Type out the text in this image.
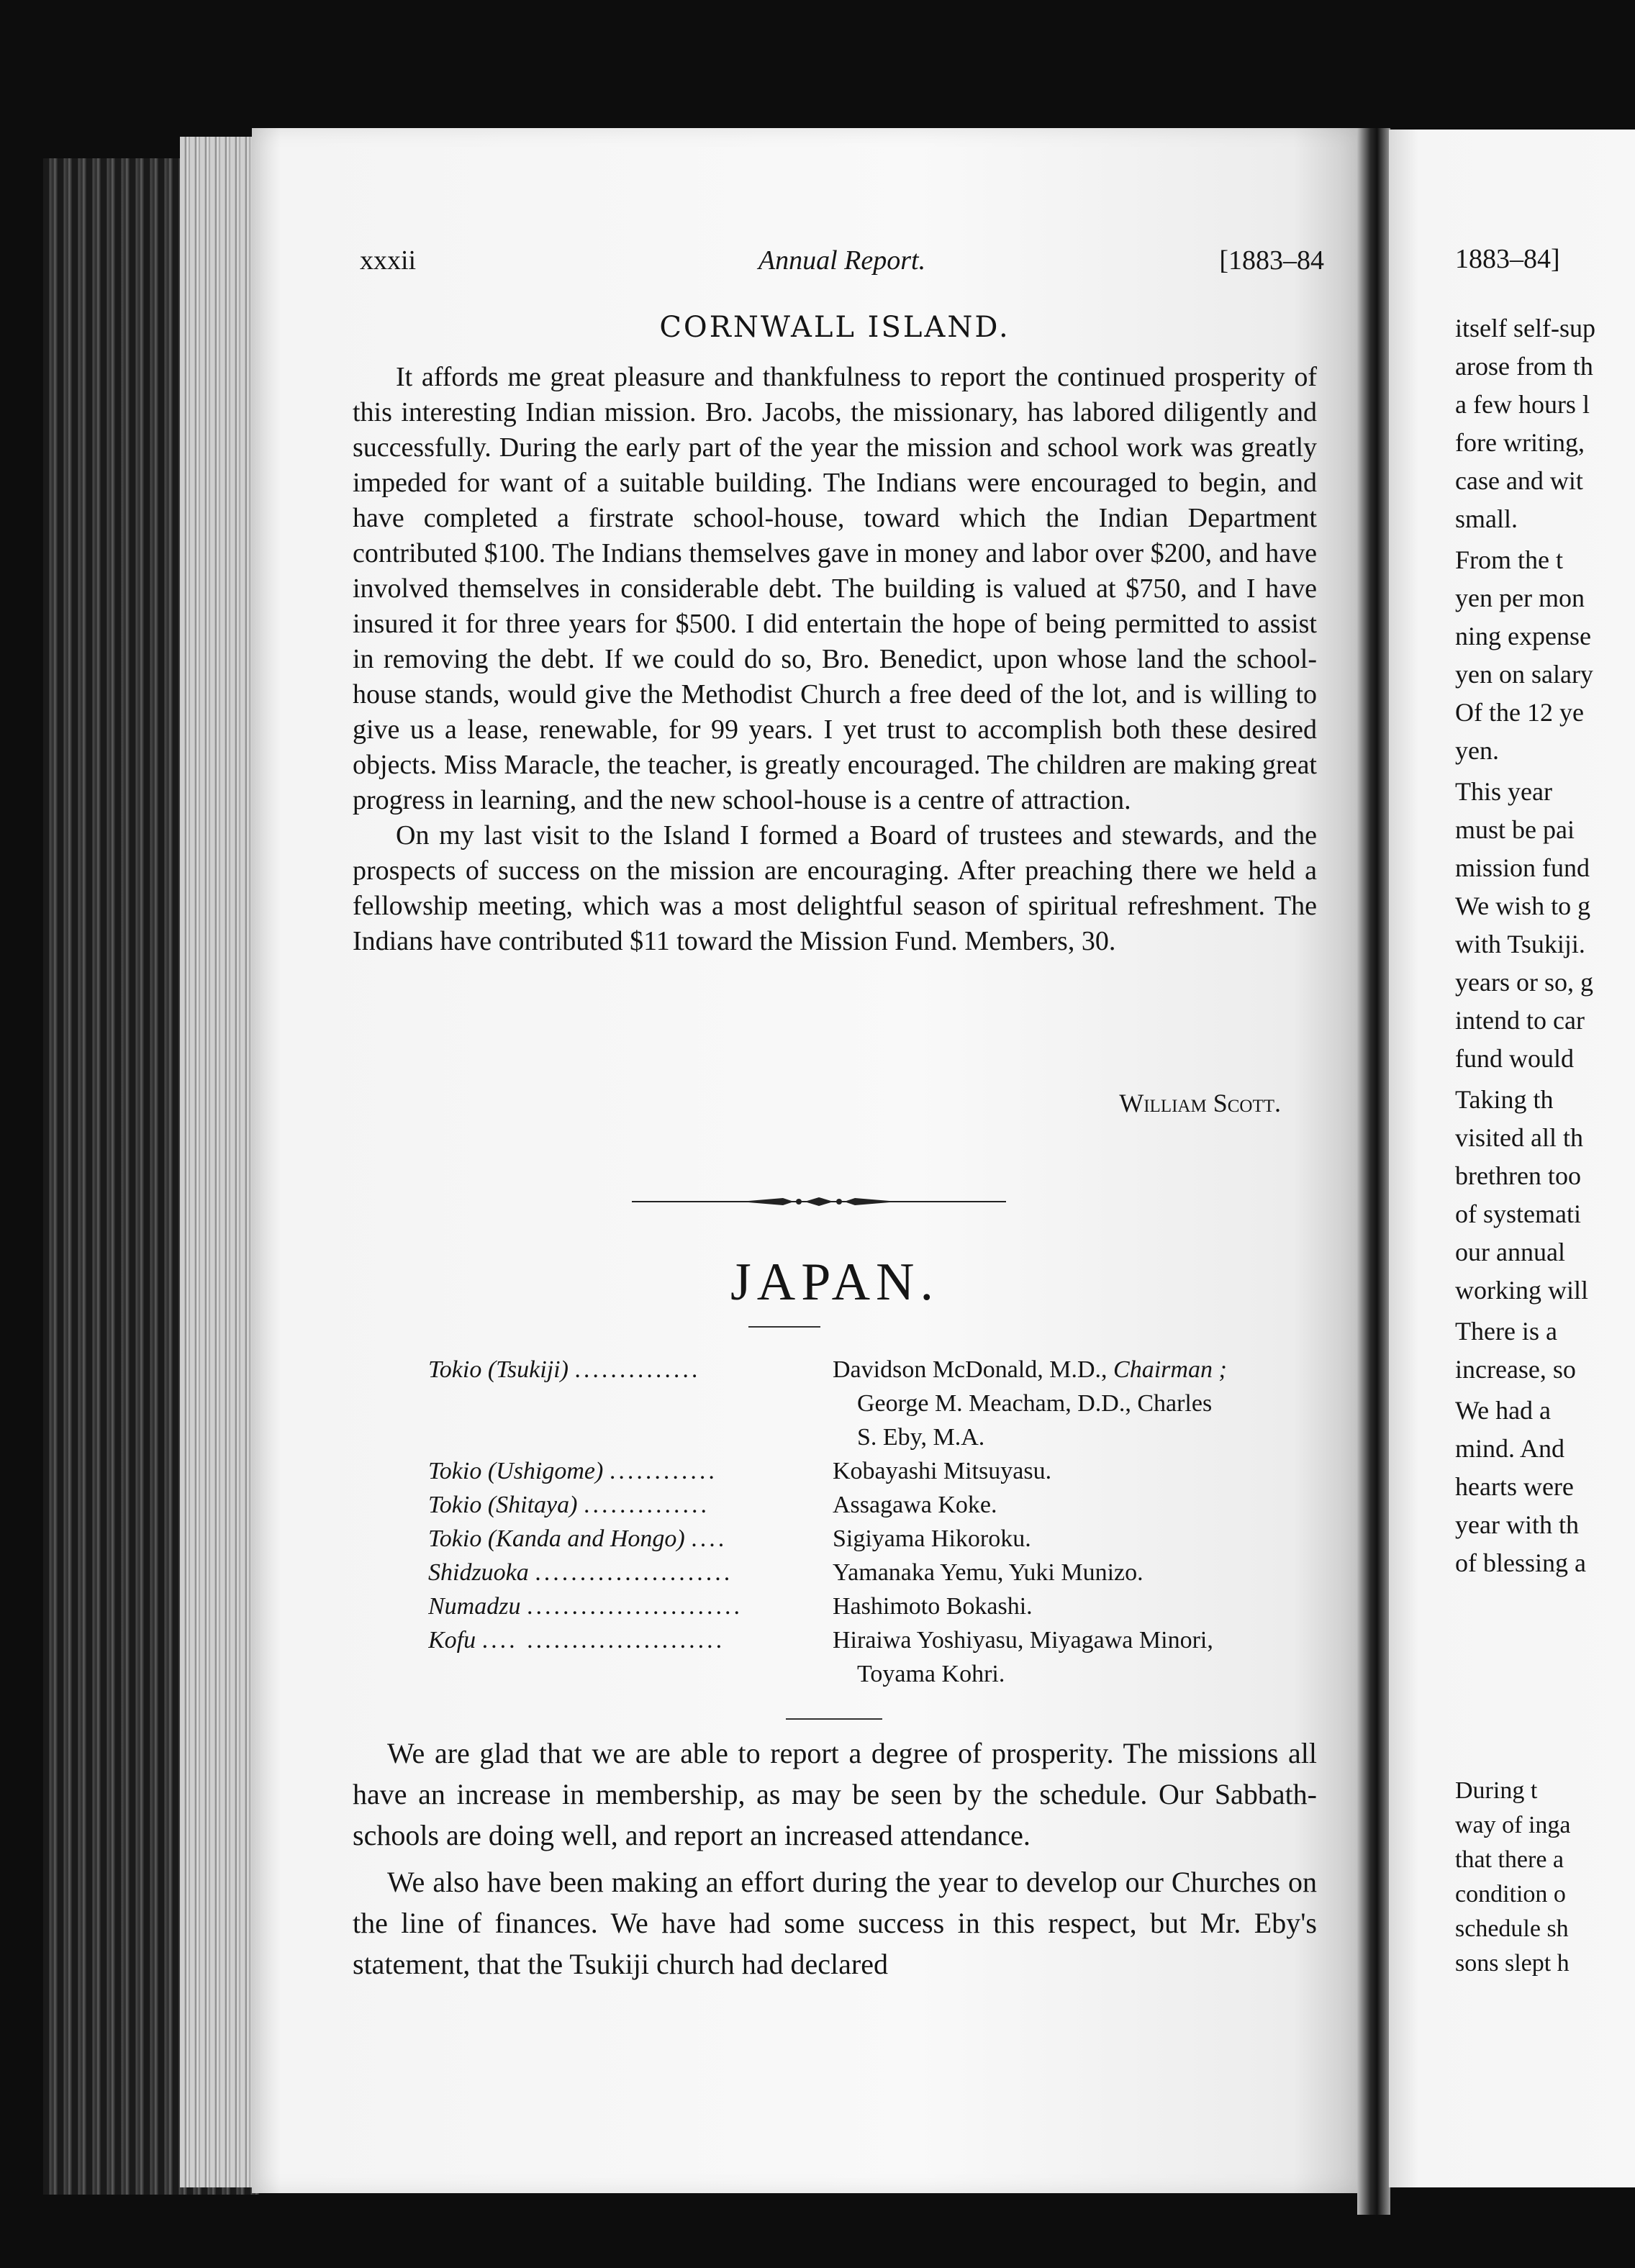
xxxii	Annual Report.	[1883–84
CORNWALL ISLAND.

It affords me great pleasure and thankfulness to report the continued prosperity of this interesting Indian mission. Bro. Jacobs, the missionary, has labored diligently and successfully. During the early part of the year the mission and school work was greatly impeded for want of a suitable building. The Indians were encouraged to begin, and have completed a firstrate school-house, toward which the Indian Department contributed $100. The Indians themselves gave in money and labor over $200, and have involved themselves in considerable debt. The building is valued at $750, and I have insured it for three years for $500. I did entertain the hope of being permitted to assist in removing the debt. If we could do so, Bro. Benedict, upon whose land the school-house stands, would give the Methodist Church a free deed of the lot, and is willing to give us a lease, renewable, for 99 years. I yet trust to accomplish both these desired objects. Miss Maracle, the teacher, is greatly encouraged. The children are making great progress in learning, and the new school-house is a centre of attraction.

On my last visit to the Island I formed a Board of trustees and stewards, and the prospects of success on the mission are encouraging. After preaching there we held a fellowship meeting, which was a most delightful season of spiritual refreshment. The Indians have contributed $11 toward the Mission Fund. Members, 30.

William Scott.
JAPAN.
Tokio (Tsukiji) ..............	Davidson McDonald, M.D., Chairman ;
George M. Meacham, D.D., Charles
S. Eby, M.A.
Tokio (Ushigome) ............	Kobayashi Mitsuyasu.
Tokio (Shitaya) ..............	Assagawa Koke.
Tokio (Kanda and Hongo) ....	Sigiyama Hikoroku.
Shidzuoka ......................	Yamanaka Yemu, Yuki Munizo.
Numadzu ........................	Hashimoto Bokashi.
Kofu .... ......................	Hiraiwa Yoshiyasu, Miyagawa Minori,
Toyama Kohri.

We are glad that we are able to report a degree of prosperity. The missions all have an increase in membership, as may be seen by the schedule. Our Sabbath-schools are doing well, and report an increased attendance.

We also have been making an effort during the year to develop our Churches on the line of finances. We have had some success in this respect, but Mr. Eby's statement, that the Tsukiji church had declared

1883–84]
itself self-sup
arose from th
a few hours l
fore writing,
case and wit
small.
From the t
yen per mon
ning expense
yen on salary
Of the 12 ye
yen.
This year
must be pai
mission fund
We wish to g
with Tsukiji.
years or so, g
intend to car
fund would
Taking th
visited all th
brethren too
of systemati
our annual
working will
There is a
increase, so
We had a
mind. And
hearts were
year with th
of blessing a
During t
way of inga
that there a
condition o
schedule sh
sons slept h
